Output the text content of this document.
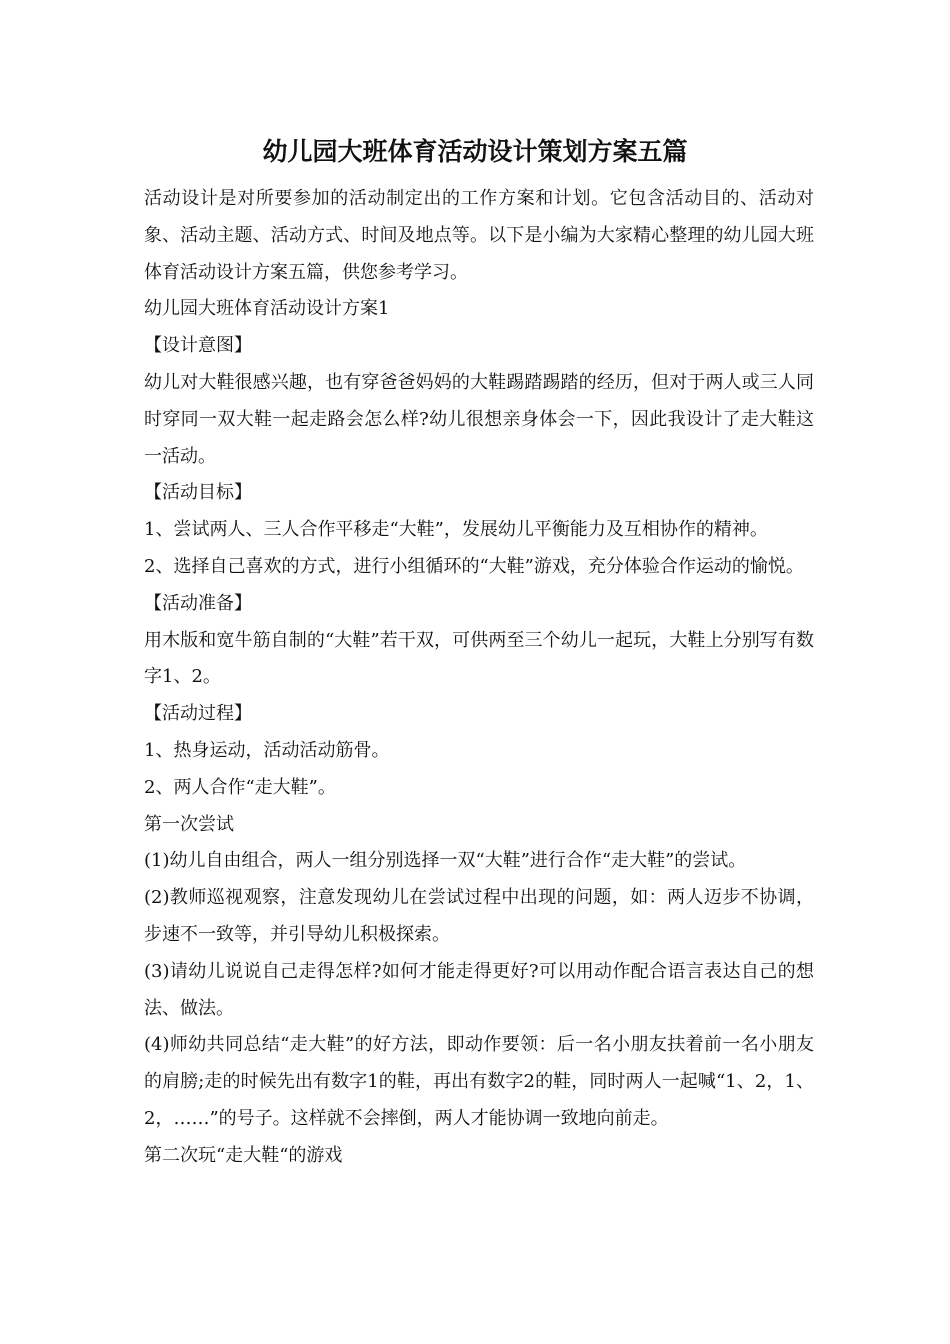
幼儿园大班体育活动设计策划方案五篇

活动设计是对所要参加的活动制定出的工作方案和计划。它包含活动目的、活动对象、活动主题、活动方式、时间及地点等。以下是小编为大家精心整理的幼儿园大班体育活动设计方案五篇，供您参考学习。

幼儿园大班体育活动设计方案1

【设计意图】

幼儿对大鞋很感兴趣，也有穿爸爸妈妈的大鞋踢踏踢踏的经历，但对于两人或三人同时穿同一双大鞋一起走路会怎么样?幼儿很想亲身体会一下，因此我设计了走大鞋这一活动。

【活动目标】

1、尝试两人、三人合作平移走“大鞋”，发展幼儿平衡能力及互相协作的精神。

2、选择自己喜欢的方式，进行小组循环的“大鞋”游戏，充分体验合作运动的愉悦。

【活动准备】

用木版和宽牛筋自制的“大鞋”若干双，可供两至三个幼儿一起玩，大鞋上分别写有数字1、2。

【活动过程】

1、热身运动，活动活动筋骨。

2、两人合作“走大鞋”。

第一次尝试

(1)幼儿自由组合，两人一组分别选择一双“大鞋”进行合作“走大鞋”的尝试。

(2)教师巡视观察，注意发现幼儿在尝试过程中出现的问题，如：两人迈步不协调，步速不一致等，并引导幼儿积极探索。

(3)请幼儿说说自己走得怎样?如何才能走得更好?可以用动作配合语言表达自己的想法、做法。

(4)师幼共同总结“走大鞋”的好方法，即动作要领：后一名小朋友扶着前一名小朋友的肩膀;走的时候先出有数字1的鞋，再出有数字2的鞋，同时两人一起喊“1、2，1、2，……”的号子。这样就不会摔倒，两人才能协调一致地向前走。

第二次玩“走大鞋“的游戏
